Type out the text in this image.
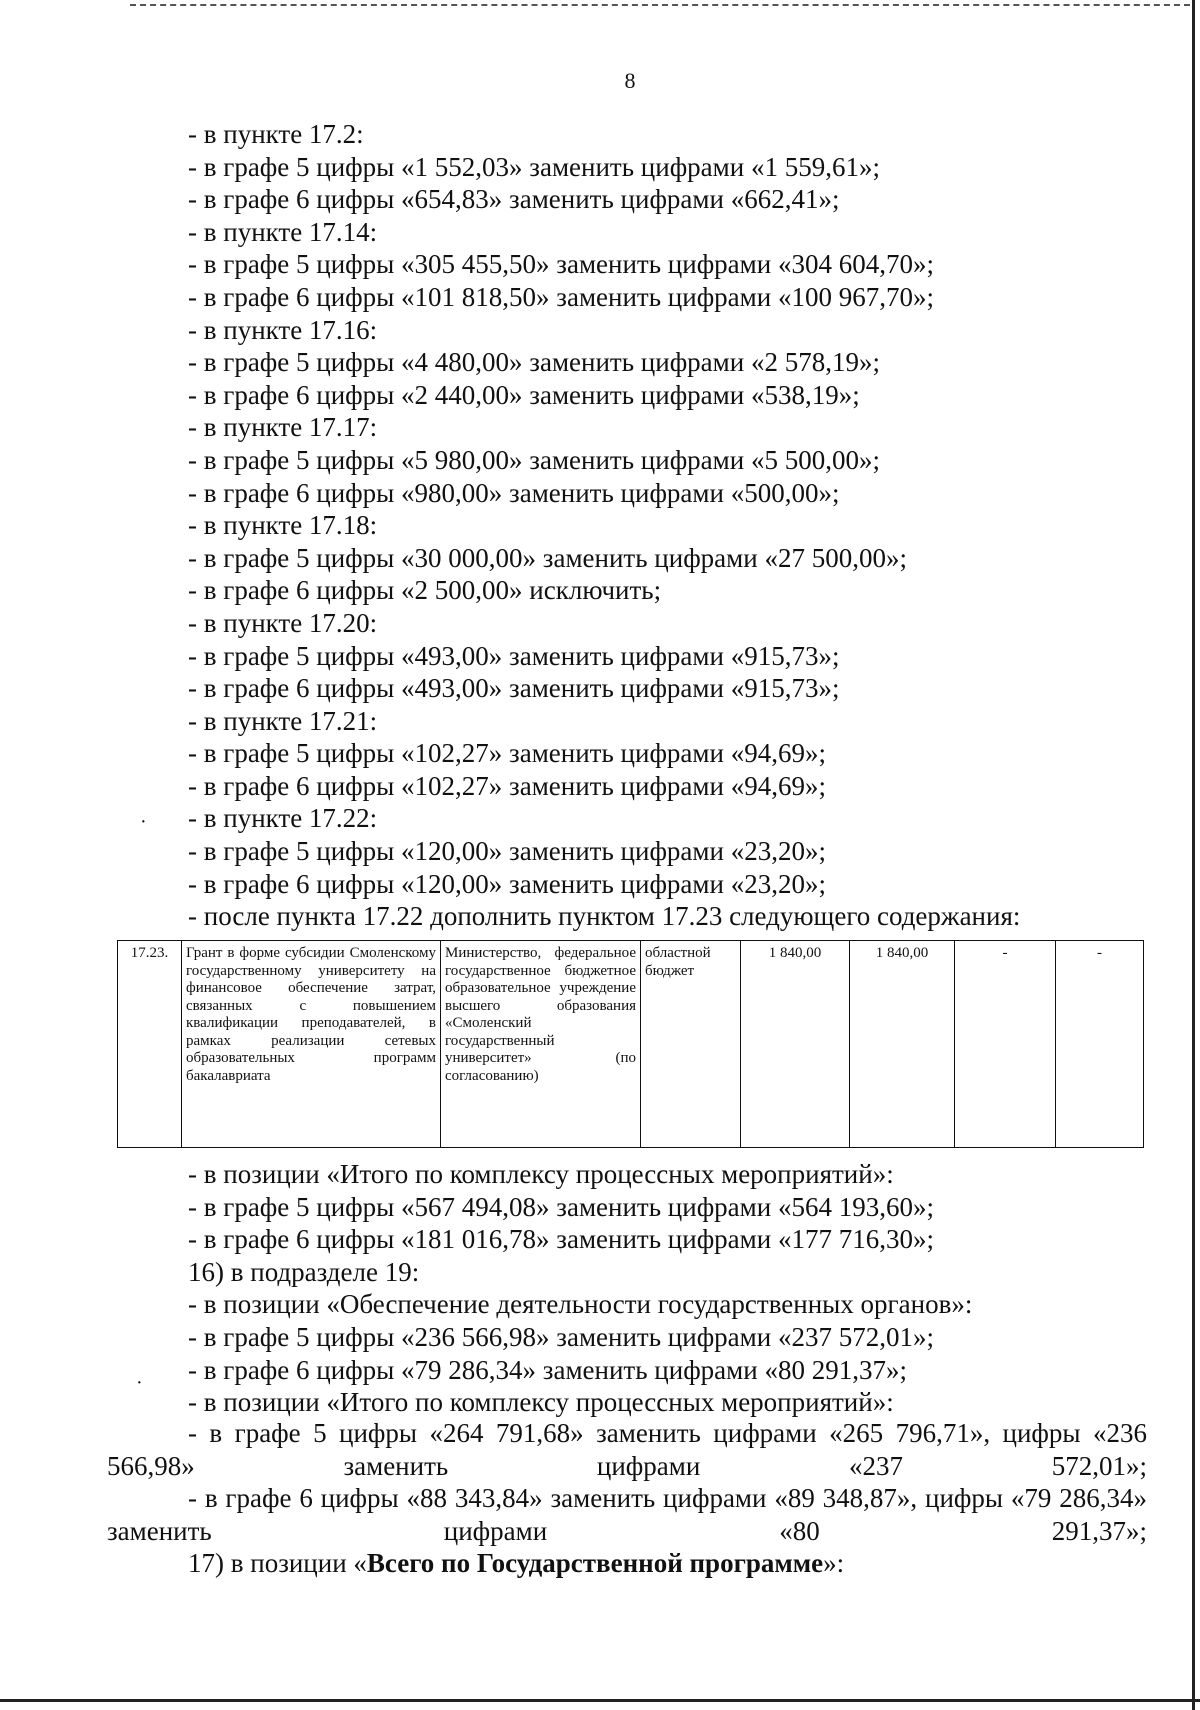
8
- в пункте 17.2:
- в графе 5 цифры «1 552,03» заменить цифрами «1 559,61»;
- в графе 6 цифры «654,83» заменить цифрами «662,41»;
- в пункте 17.14:
- в графе 5 цифры «305 455,50» заменить цифрами «304 604,70»;
- в графе 6 цифры «101 818,50» заменить цифрами «100 967,70»;
- в пункте 17.16:
- в графе 5 цифры «4 480,00» заменить цифрами «2 578,19»;
- в графе 6 цифры «2 440,00» заменить цифрами «538,19»;
- в пункте 17.17:
- в графе 5 цифры «5 980,00» заменить цифрами «5 500,00»;
- в графе 6 цифры «980,00» заменить цифрами «500,00»;
- в пункте 17.18:
- в графе 5 цифры «30 000,00» заменить цифрами «27 500,00»;
- в графе 6 цифры «2 500,00» исключить;
- в пункте 17.20:
- в графе 5 цифры «493,00» заменить цифрами «915,73»;
- в графе 6 цифры «493,00» заменить цифрами «915,73»;
- в пункте 17.21:
- в графе 5 цифры «102,27» заменить цифрами «94,69»;
- в графе 6 цифры «102,27» заменить цифрами «94,69»;
- в пункте 17.22:
- в графе 5 цифры «120,00» заменить цифрами «23,20»;
- в графе 6 цифры «120,00» заменить цифрами «23,20»;
- после пункта 17.22 дополнить пунктом 17.23 следующего содержания:
·
17.23.	Грант в форме субсидии Смоленскому государственному университету на финансовое обеспечение затрат, связанных с повышением квалификации преподавателей, в рамках реализации сетевых образовательных программ бакалавриата	Министерство, федеральное государственное бюджетное образовательное учреждение высшего образования «Смоленский государственный университет» (по согласованию)	областной бюджет	1 840,00	1 840,00	-	-
- в позиции «Итого по комплексу процессных мероприятий»:
- в графе 5 цифры «567 494,08» заменить цифрами «564 193,60»;
- в графе 6 цифры «181 016,78» заменить цифрами «177 716,30»;
16) в подразделе 19:
- в позиции «Обеспечение деятельности государственных органов»:
- в графе 5 цифры «236 566,98» заменить цифрами «237 572,01»;
- в графе 6 цифры «79 286,34» заменить цифрами «80 291,37»;
- в позиции «Итого по комплексу процессных мероприятий»:
·
- в графе 5 цифры «264 791,68» заменить цифрами «265 796,71», цифры «236 566,98» заменить цифрами «237 572,01»;
- в графе 6 цифры «88 343,84» заменить цифрами «89 348,87», цифры «79 286,34» заменить цифрами «80 291,37»;
17) в позиции «Всего по Государственной программе»:
